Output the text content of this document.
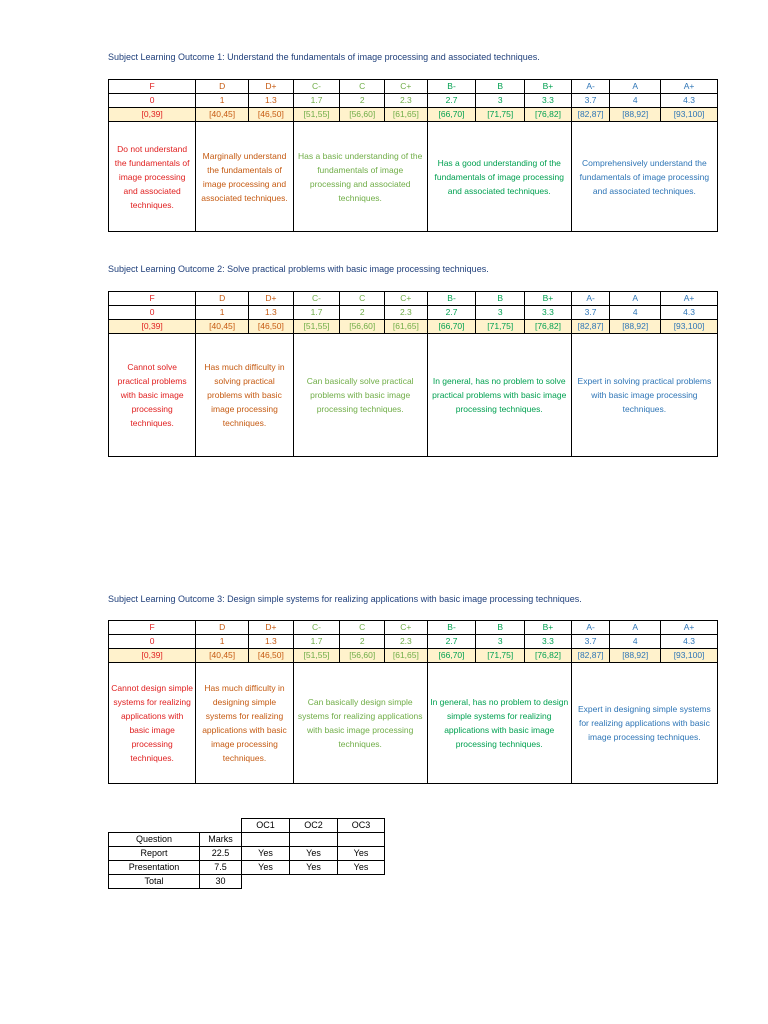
Subject Learning Outcome 1: Understand the fundamentals of image processing and associated techniques.
F	D	D+	C-	C	C+	B-	B	B+	A-	A	A+
0	1	1.3	1.7	2	2.3	2.7	3	3.3	3.7	4	4.3
[0,39]	[40,45]	[46,50]	[51,55]	[56,60]	[61,65]	[66,70]	[71,75]	[76,82]	[82,87]	[88,92]	[93,100]
Do not understand the fundamentals of image processing and associated techniques.	Marginally understand the fundamentals of image processing and associated techniques.		Has a basic understanding of the fundamentals of image processing and associated techniques.			Has a good understanding of the fundamentals of image processing and associated techniques.			Comprehensively understand the fundamentals of image processing and associated techniques.		
Subject Learning Outcome 2: Solve practical problems with basic image processing techniques.
F	D	D+	C-	C	C+	B-	B	B+	A-	A	A+
0	1	1.3	1.7	2	2.3	2.7	3	3.3	3.7	4	4.3
[0,39]	[40,45]	[46,50]	[51,55]	[56,60]	[61,65]	[66,70]	[71,75]	[76,82]	[82,87]	[88,92]	[93,100]
Cannot solve practical problems with basic image processing techniques.	Has much difficulty in solving practical problems with basic image processing techniques.		Can basically solve practical problems with basic image processing techniques.			In general, has no problem to solve practical problems with basic image processing techniques.			Expert in solving practical problems with basic image processing techniques.		
Subject Learning Outcome 3: Design simple systems for realizing applications with basic image processing techniques.
F	D	D+	C-	C	C+	B-	B	B+	A-	A	A+
0	1	1.3	1.7	2	2.3	2.7	3	3.3	3.7	4	4.3
[0,39]	[40,45]	[46,50]	[51,55]	[56,60]	[61,65]	[66,70]	[71,75]	[76,82]	[82,87]	[88,92]	[93,100]
Cannot design simple systems for realizing applications with basic image processing techniques.	Has much difficulty in designing simple systems for realizing applications with basic image processing techniques.		Can basically design simple systems for realizing applications with basic image processing techniques.			In general, has no problem to design simple systems for realizing applications with basic image processing techniques.			Expert in designing simple systems for realizing applications with basic image processing techniques.		
		OC1	OC2	OC3
Question	Marks			
Report	22.5	Yes	Yes	Yes
Presentation	7.5	Yes	Yes	Yes
Total	30			
